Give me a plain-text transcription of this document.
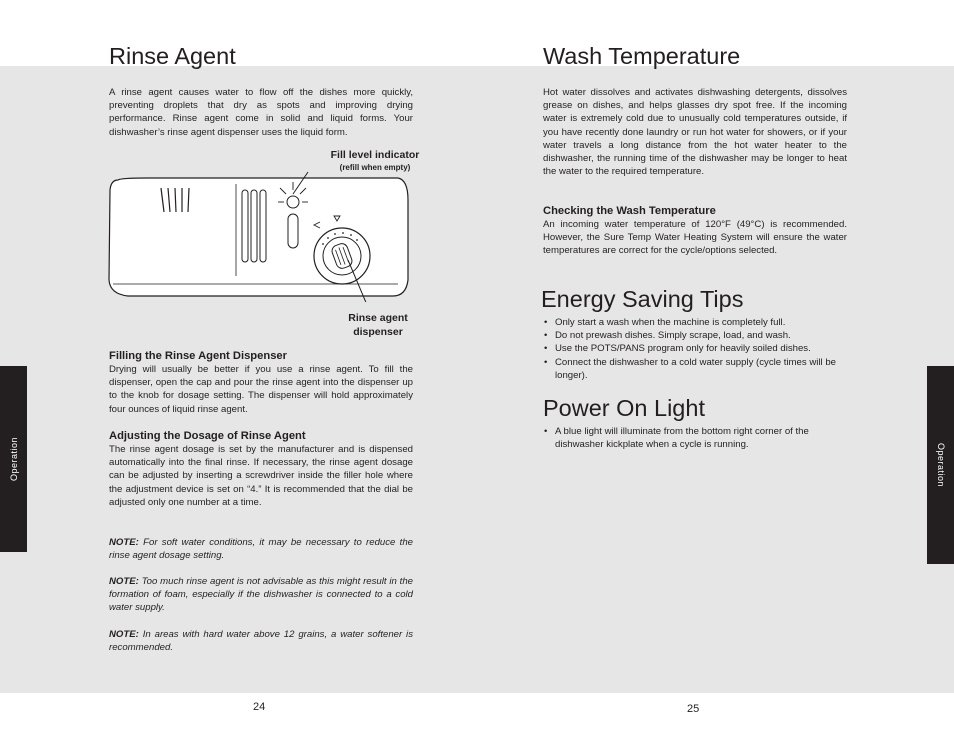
Operation	Operation
Rinse Agent

A rinse agent causes water to flow off the dishes more quickly, preventing droplets that dry as spots and improving drying performance. Rinse agent come in solid and liquid forms. Your dishwasher’s rinse agent dispenser uses the liquid form.

Fill level indicator
(refill when empty)
Rinse agent
dispenser
Filling the Rinse Agent Dispenser

Drying will usually be better if you use a rinse agent. To fill the dispenser, open the cap and pour the rinse agent into the dispenser up to the knob for dosage setting. The dispenser will hold approximately four ounces of liquid rinse agent.

Adjusting the Dosage of Rinse Agent

The rinse agent dosage is set by the manufacturer and is dispensed automatically into the final rinse. If necessary, the rinse agent dosage can be adjusted by inserting a screwdriver inside the filler hole where the adjustment device is set on “4.” It is recommended that the dial be adjusted only one number at a time.

NOTE: For soft water conditions, it may be necessary to reduce the rinse agent dosage setting.

NOTE: Too much rinse agent is not advisable as this might result in the formation of foam, especially if the dishwasher is connected to a cold water supply.

NOTE: In areas with hard water above 12 grains, a water softener is recommended.

24
Wash Temperature

Hot water dissolves and activates dishwashing detergents, dissolves grease on dishes, and helps glasses dry spot free. If the incoming water is extremely cold due to unusually cold temperatures outside, if you have recently done laundry or run hot water for showers, or if your water travels a long distance from the hot water heater to the dishwasher, the running time of the dishwasher may be longer to heat the water to the required temperature.

Checking the Wash Temperature

An incoming water temperature of 120°F (49°C) is recommended. However, the Sure Temp Water Heating System will ensure the water temperatures are correct for the cycle/options selected.

Energy Saving Tips
• Only start a wash when the machine is completely full.
• Do not prewash dishes. Simply scrape, load, and wash.
• Use the POTS/PANS program only for heavily soiled dishes.
• Connect the dishwasher to a cold water supply (cycle times will be longer).
Power On Light
• A blue light will illuminate from the bottom right corner of the dishwasher kickplate when a cycle is running.
25
